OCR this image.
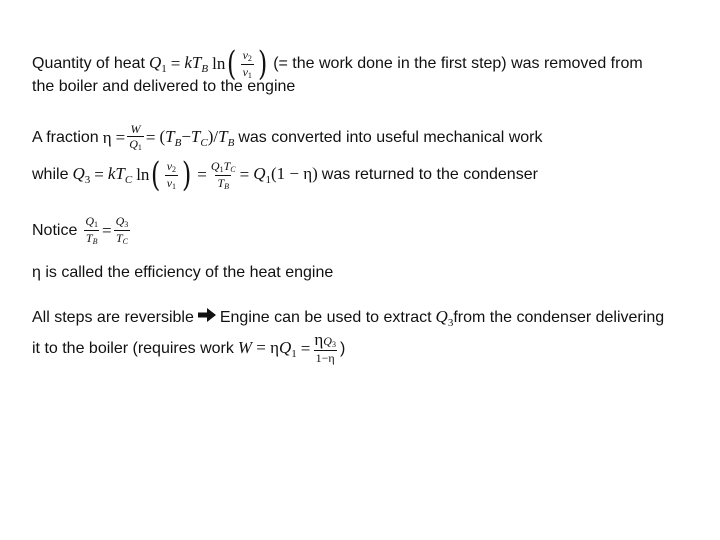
Quantity of heat $Q_1 = kT_B$ ln ( $\frac{v2}{v1}$ ) (= the work done in the first step) was removed from
the boiler and delivered to the engine
A fraction $\eta = \frac{W}{Q1} = (T_B-T_C)/T_B$ was converted into useful mechanical work
while $Q_3 = kT_C$ ln ( $\frac{v2}{v1}$ ) = $\frac{Q1TC}{TB} = Q_1(1 - \eta)$ was returned to the condenser
Notice $\frac{Q1}{TB} = \frac{Q3}{TC}$
η is called the efficiency of the heat engine
All steps are reversible Engine can be used to extract $Q_3$ from the condenser delivering
it to the boiler (requires work $W = \eta Q_1 = \frac{\eta Q3}{1-\eta}$ )
